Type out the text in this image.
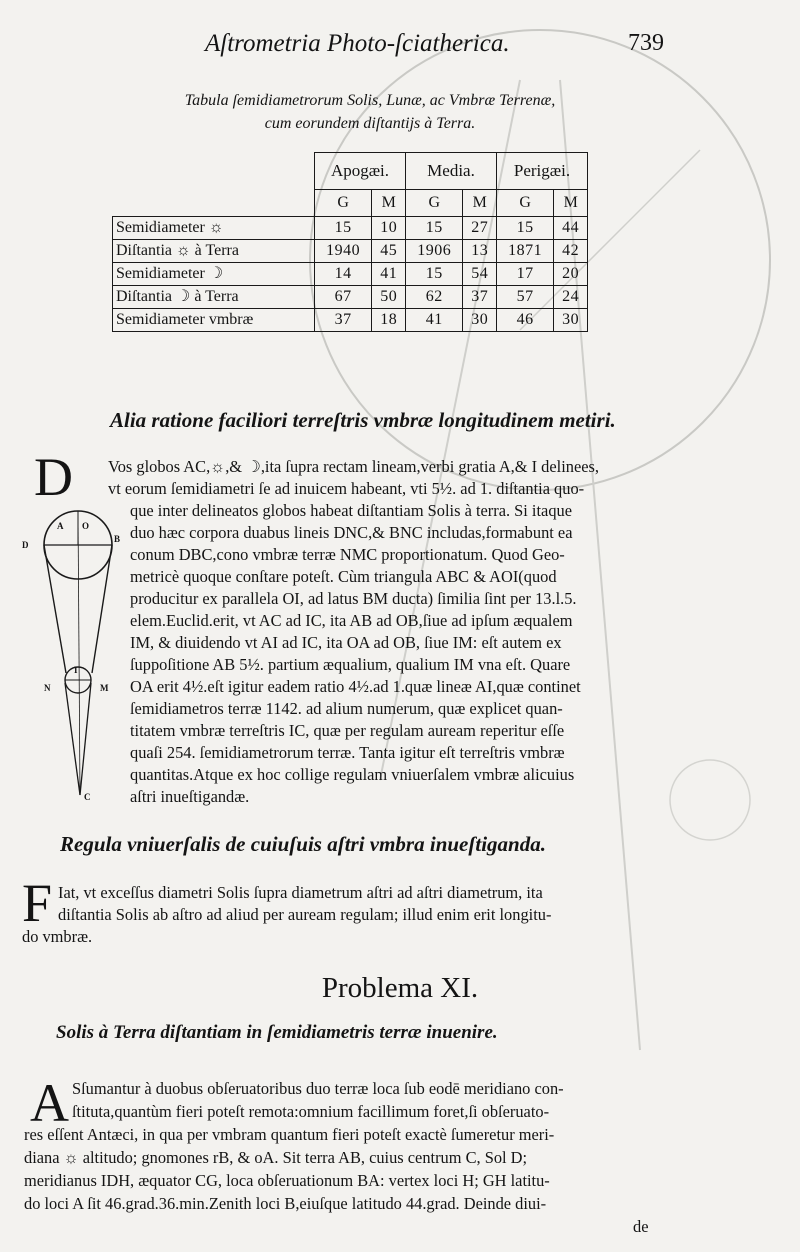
Aſtrometria Photo-ſciatherica.	739
Tabula ſemidiametrorum Solis, Lunæ, ac Vmbræ Terrenæ,
cum eorundem diſtantijs à Terra.
	Apogæi.		Media.		Perigæi.	
	G	M	G	M	G	M
Semidiameter ☼	15	10	15	27	15	44
Diſtantia ☼ à Terra	1940	45	1906	13	1871	42
Semidiameter ☽	14	41	15	54	17	20
Diſtantia ☽ à Terra	67	50	62	37	57	24
Semidiameter vmbræ	37	18	41	30	46	30
Alia ratione faciliori terreſtris vmbræ longitudinem metiri.
D Vos globos AC,☼,& ☽,ita ſupra rectam lineam,verbi gratia A,& I delinees,
vt eorum ſemidiametri ſe ad inuicem habeant, vti 5½. ad 1. diſtantia quo-
que inter delineatos globos habeat diſtantiam Solis à terra. Si itaque
duo hæc corpora duabus lineis DNC,& BNC includas,formabunt ea
conum DBC,cono vmbræ terræ NMC proportionatum. Quod Geo-
metricè quoque conſtare poteſt. Cùm triangula ABC & AOI(quod
producitur ex parallela OI, ad latus BM ducta) ſimilia ſint per 13.l.5.
elem.Euclid.erit, vt AC ad IC, ita AB ad OB,ſiue ad ipſum æqualem
IM, & diuidendo vt AI ad IC, ita OA ad OB, ſiue IM: eſt autem ex
ſuppoſitione AB 5½. partium æqualium, qualium IM vna eſt. Quare
OA erit 4½.eſt igitur eadem ratio 4½.ad 1.quæ lineæ AI,quæ continet
ſemidiametros terræ 1142. ad alium numerum, quæ explicet quan-
titatem vmbræ terreſtris IC, quæ per regulam auream reperitur eſſe
quaſi 254. ſemidiametrorum terræ. Tanta igitur eſt terreſtris vmbræ
quantitas.Atque ex hoc collige regulam vniuerſalem vmbræ alicuius
aſtri inueſtigandæ.
A O
D
B
I
N	M
C
Regula vniuerſalis de cuiuſuis aſtri vmbra inueſtiganda.
F Iat, vt exceſſus diametri Solis ſupra diametrum aſtri ad aſtri diametrum, ita
diſtantia Solis ab aſtro ad aliud per auream regulam; illud enim erit longitu-
do vmbræ.
Problema XI.
Solis à Terra diſtantiam in ſemidiametris terræ inuenire.
A Sſumantur à duobus obſeruatoribus duo terræ loca ſub eodē meridiano con-
ſtituta,quantùm fieri poteſt remota:omnium facillimum foret,ſi obſeruato-
res eſſent Antæci, in qua per vmbram quantum fieri poteſt exactè ſumeretur meri-
diana ☼ altitudo; gnomones rB, & oA. Sit terra AB, cuius centrum C, Sol D;
meridianus IDH, æquator CG, loca obſeruationum BA: vertex loci H; GH latitu-
do loci A ſit 46.grad.36.min.Zenith loci B,eiuſque latitudo 44.grad. Deinde diui-
de
